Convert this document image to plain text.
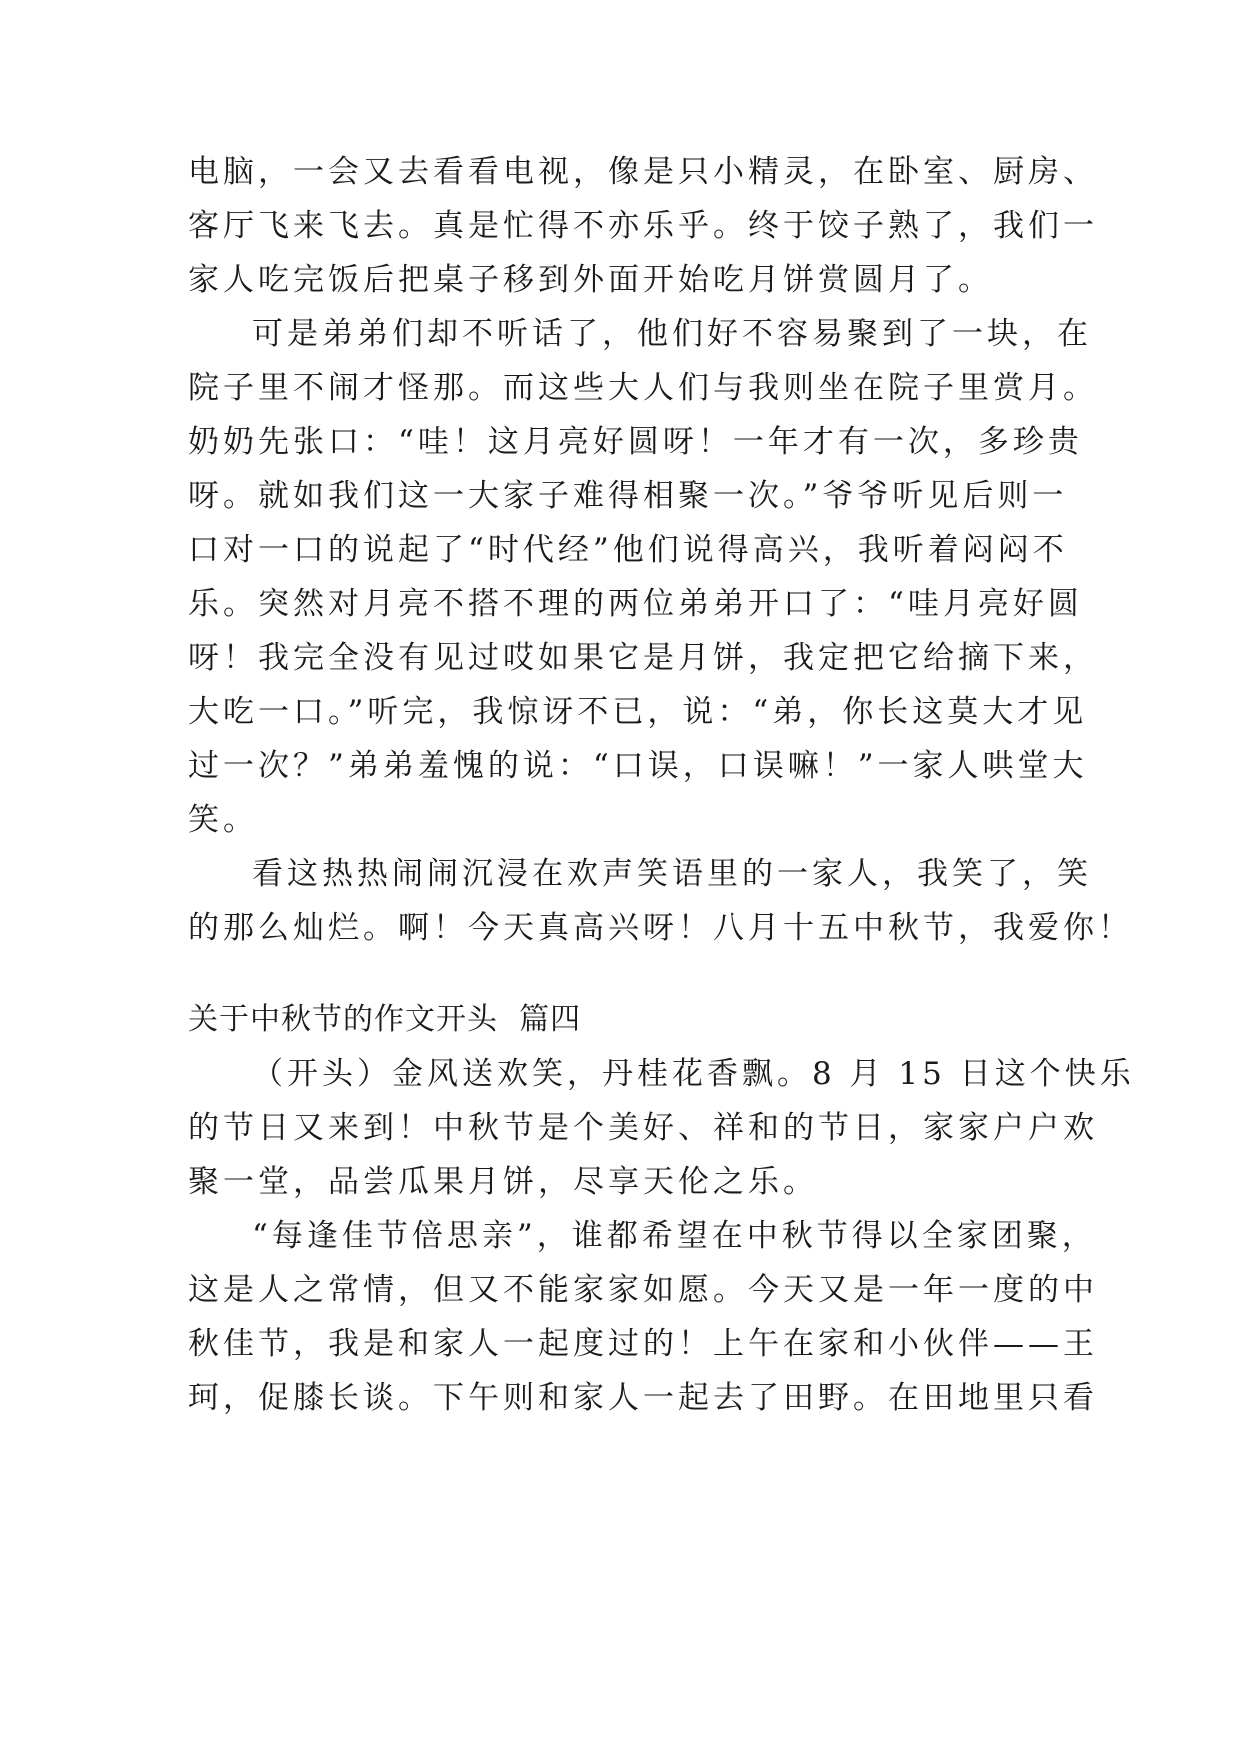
电脑，一会又去看看电视，像是只小精灵，在卧室、厨房、
客厅飞来飞去。真是忙得不亦乐乎。终于饺子熟了，我们一
家人吃完饭后把桌子移到外面开始吃月饼赏圆月了。
可是弟弟们却不听话了，他们好不容易聚到了一块，在
院子里不闹才怪那。而这些大人们与我则坐在院子里赏月。
奶奶先张口：“哇！这月亮好圆呀！一年才有一次，多珍贵
呀。就如我们这一大家子难得相聚一次。”爷爷听见后则一
口对一口的说起了“时代经”他们说得高兴，我听着闷闷不
乐。突然对月亮不搭不理的两位弟弟开口了：“哇月亮好圆
呀！我完全没有见过哎如果它是月饼，我定把它给摘下来，
大吃一口。”听完，我惊讶不已，说：“弟，你长这莫大才见
过一次？”弟弟羞愧的说：“口误，口误嘛！”一家人哄堂大
笑。
看这热热闹闹沉浸在欢声笑语里的一家人，我笑了，笑
的那么灿烂。啊！今天真高兴呀！八月十五中秋节，我爱你！
关于中秋节的作文开头  篇四
（开头）金风送欢笑，丹桂花香飘。8 月 15 日这个快乐
的节日又来到！中秋节是个美好、祥和的节日，家家户户欢
聚一堂，品尝瓜果月饼，尽享天伦之乐。
“每逢佳节倍思亲”，谁都希望在中秋节得以全家团聚，
这是人之常情，但又不能家家如愿。今天又是一年一度的中
秋佳节，我是和家人一起度过的！上午在家和小伙伴——王
珂，促膝长谈。下午则和家人一起去了田野。在田地里只看
